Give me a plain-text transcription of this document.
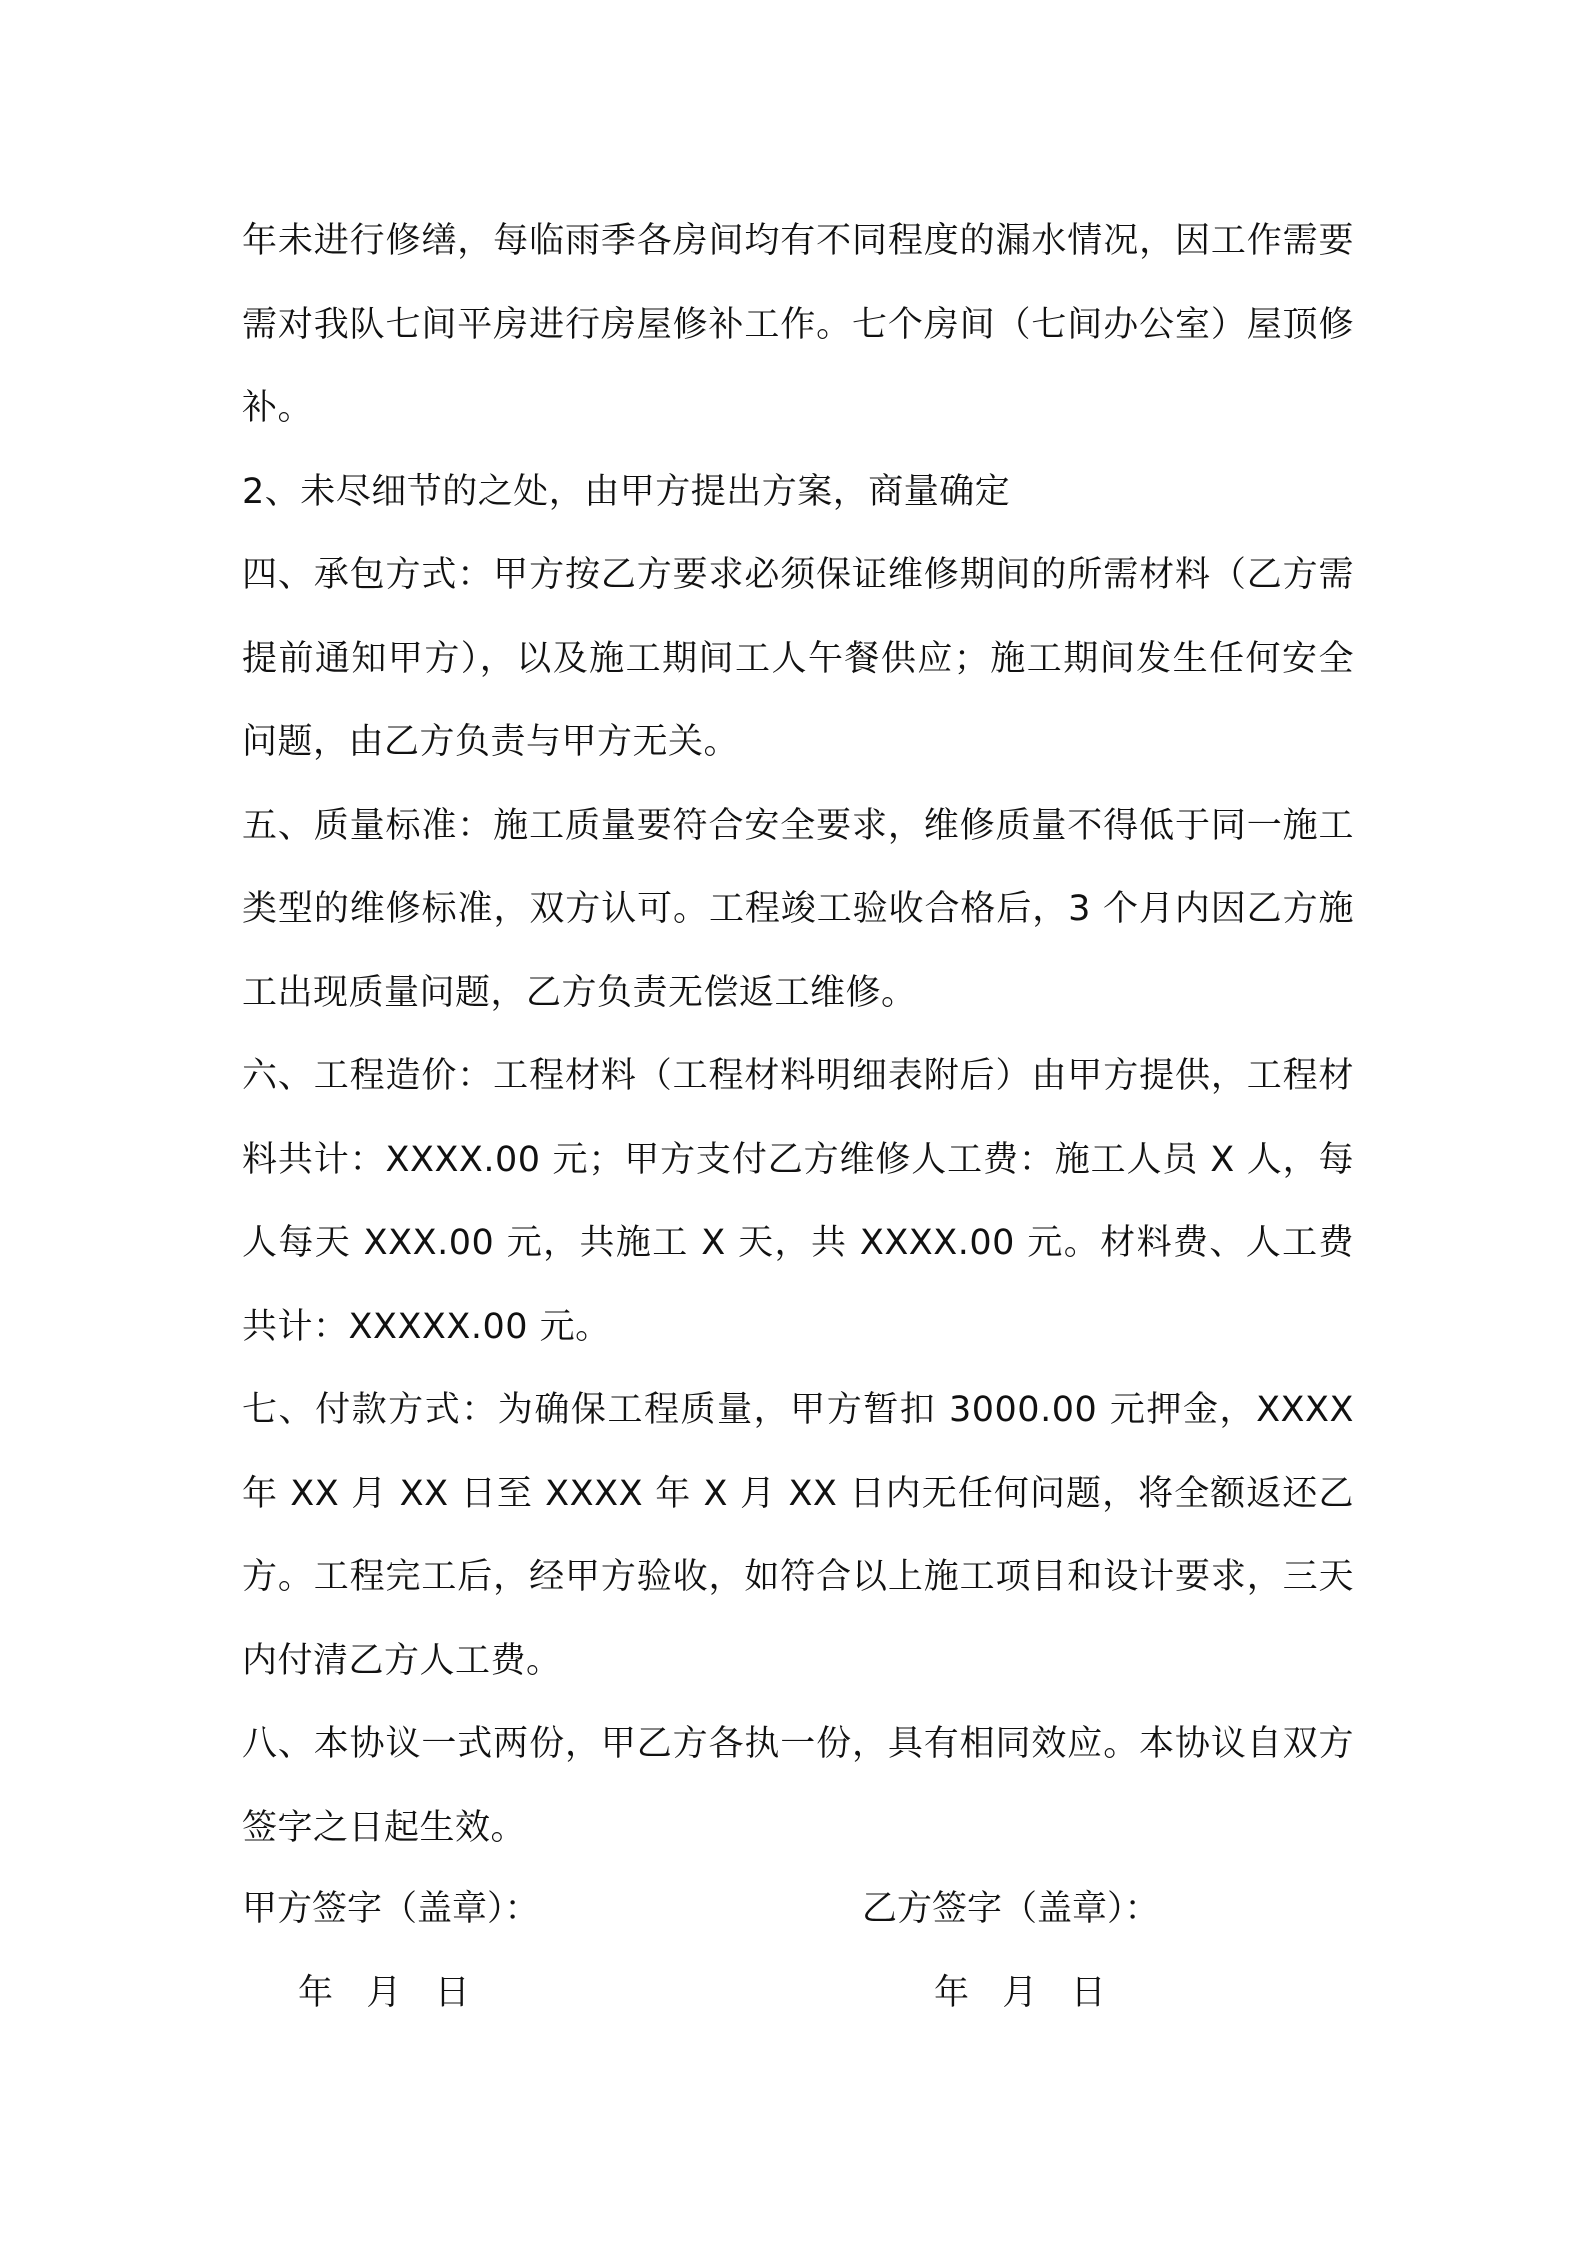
年未进行修缮，每临雨季各房间均有不同程度的漏水情况，因工作需要需对我队七间平房进行房屋修补工作。七个房间（七间办公室）屋顶修补。

2、未尽细节的之处，由甲方提出方案，商量确定

四、承包方式：甲方按乙方要求必须保证维修期间的所需材料（乙方需提前通知甲方），以及施工期间工人午餐供应；施工期间发生任何安全问题，由乙方负责与甲方无关。

五、质量标准：施工质量要符合安全要求，维修质量不得低于同一施工类型的维修标准，双方认可。工程竣工验收合格后，3 个月内因乙方施工出现质量问题，乙方负责无偿返工维修。

六、工程造价：工程材料（工程材料明细表附后）由甲方提供，工程材料共计：XXXX.00 元；甲方支付乙方维修人工费：施工人员 X 人，每人每天 XXX.00 元，共施工 X 天，共 XXXX.00 元。材料费、人工费共计：XXXXX.00 元。

七、付款方式：为确保工程质量，甲方暂扣 3000.00 元押金，XXXX 年 XX 月 XX 日至 XXXX 年 X 月 XX 日内无任何问题，将全额返还乙方。工程完工后，经甲方验收，如符合以上施工项目和设计要求，三天内付清乙方人工费。

八、本协议一式两份，甲乙方各执一份，具有相同效应。本协议自双方签字之日起生效。

甲方签字（盖章）：	乙方签字（盖章）：
年   月   日	年   月   日
